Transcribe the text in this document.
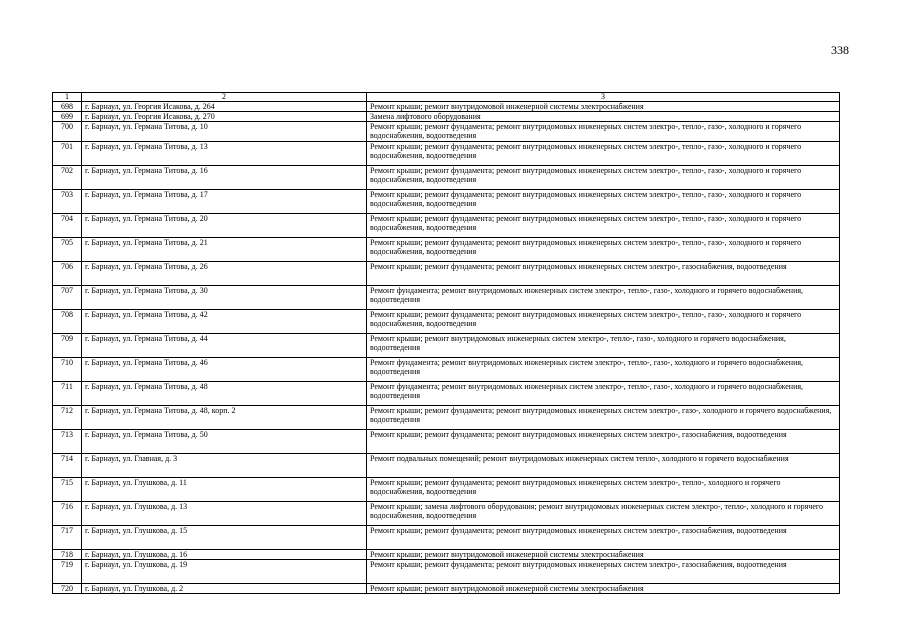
338
1	2	3
698	г. Барнаул, ул. Георгия Исакова, д. 264	Ремонт крыши; ремонт внутридомовой инженерной системы электроснабжения
699	г. Барнаул, ул. Георгия Исакова, д. 270	Замена лифтового оборудования
700	г. Барнаул, ул. Германа Титова, д. 10	Ремонт крыши; ремонт фундамента; ремонт внутридомовых инженерных систем электро-, тепло-, газо-, холодного и горячего водоснабжения, водоотведения
701	г. Барнаул, ул. Германа Титова, д. 13	Ремонт крыши; ремонт фундамента; ремонт внутридомовых инженерных систем электро-, тепло-, газо-, холодного и горячего водоснабжения, водоотведения
702	г. Барнаул, ул. Германа Титова, д. 16	Ремонт крыши; ремонт фундамента; ремонт внутридомовых инженерных систем электро-, тепло-, газо-, холодного и горячего водоснабжения, водоотведения
703	г. Барнаул, ул. Германа Титова, д. 17	Ремонт крыши; ремонт фундамента; ремонт внутридомовых инженерных систем электро-, тепло-, газо-, холодного и горячего водоснабжения, водоотведения
704	г. Барнаул, ул. Германа Титова, д. 20	Ремонт крыши; ремонт фундамента; ремонт внутридомовых инженерных систем электро-, тепло-, газо-, холодного и горячего водоснабжения, водоотведения
705	г. Барнаул, ул. Германа Титова, д. 21	Ремонт крыши; ремонт фундамента; ремонт внутридомовых инженерных систем электро-, тепло-, газо-, холодного и горячего водоснабжения, водоотведения
706	г. Барнаул, ул. Германа Титова, д. 26	Ремонт крыши; ремонт фундамента; ремонт внутридомовых инженерных систем электро-, газоснабжения, водоотведения
707	г. Барнаул, ул. Германа Титова, д. 30	Ремонт фундамента; ремонт внутридомовых инженерных систем электро-, тепло-, газо-, холодного и горячего водоснабжения, водоотведения
708	г. Барнаул, ул. Германа Титова, д. 42	Ремонт крыши; ремонт фундамента; ремонт внутридомовых инженерных систем электро-, тепло-, газо-, холодного и горячего водоснабжения, водоотведения
709	г. Барнаул, ул. Германа Титова, д. 44	Ремонт крыши; ремонт внутридомовых инженерных систем электро-, тепло-, газо-, холодного и горячего водоснабжения, водоотведения
710	г. Барнаул, ул. Германа Титова, д. 46	Ремонт фундамента; ремонт внутридомовых инженерных систем электро-, тепло-, газо-, холодного и горячего водоснабжения, водоотведения
711	г. Барнаул, ул. Германа Титова, д. 48	Ремонт фундамента; ремонт внутридомовых инженерных систем электро-, тепло-, газо-, холодного и горячего водоснабжения, водоотведения
712	г. Барнаул, ул. Германа Титова, д. 48, корп. 2	Ремонт крыши; ремонт фундамента; ремонт внутридомовых инженерных систем электро-, газо-, холодного и горячего водоснабжения, водоотведения
713	г. Барнаул, ул. Германа Титова, д. 50	Ремонт крыши; ремонт фундамента; ремонт внутридомовых инженерных систем электро-, газоснабжения, водоотведения
714	г. Барнаул, ул. Главная, д. 3	Ремонт подвальных помещений; ремонт внутридомовых инженерных систем тепло-, холодного и горячего водоснабжения
715	г. Барнаул, ул. Глушкова, д. 11	Ремонт крыши; ремонт фундамента; ремонт внутридомовых инженерных систем электро-, тепло-, холодного и горячего водоснабжения, водоотведения
716	г. Барнаул, ул. Глушкова, д. 13	Ремонт крыши; замена лифтового оборудования; ремонт внутридомовых инженерных систем электро-, тепло-, холодного и горячего водоснабжения, водоотведения
717	г. Барнаул, ул. Глушкова, д. 15	Ремонт крыши; ремонт фундамента; ремонт внутридомовых инженерных систем электро-, газоснабжения, водоотведения
718	г. Барнаул, ул. Глушкова, д. 16	Ремонт крыши; ремонт внутридомовой инженерной системы электроснабжения
719	г. Барнаул, ул. Глушкова, д. 19	Ремонт крыши; ремонт фундамента; ремонт внутридомовых инженерных систем электро-, газоснабжения, водоотведения
720	г. Барнаул, ул. Глушкова, д. 2	Ремонт крыши; ремонт внутридомовой инженерной системы электроснабжения
